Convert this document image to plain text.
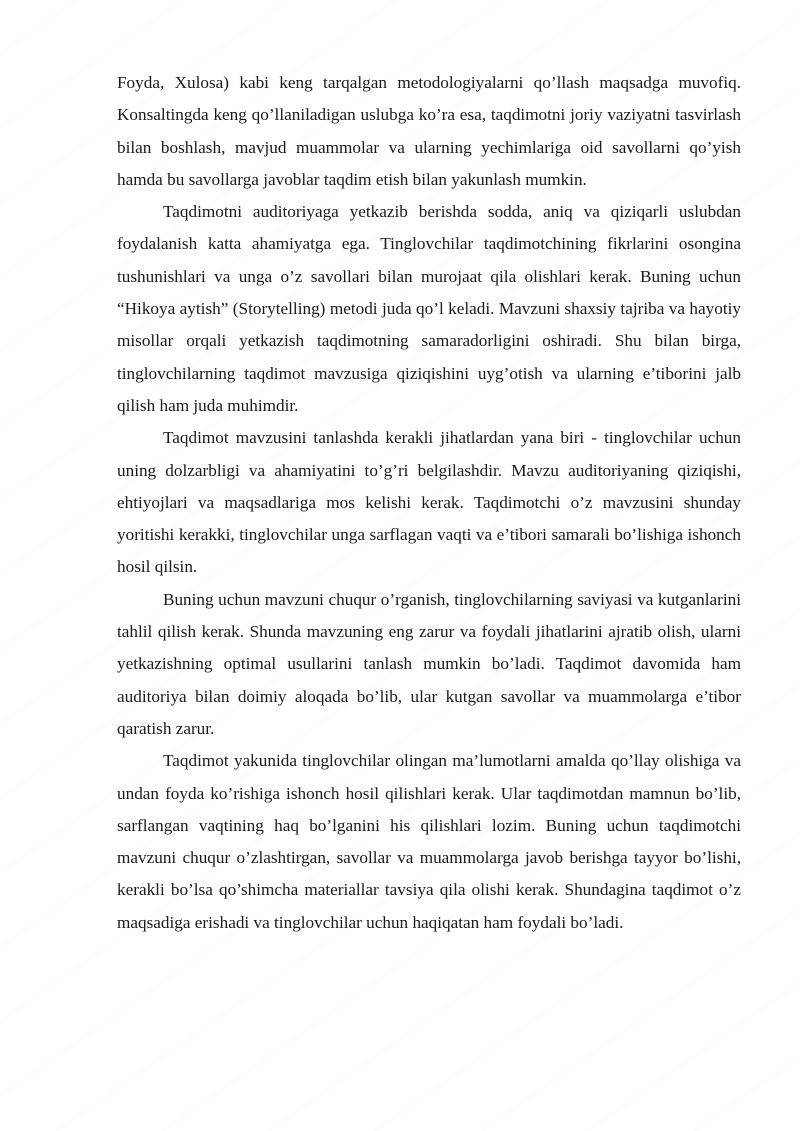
Foyda, Xulosa) kabi keng tarqalgan metodologiyalarni qo’llash maqsadga muvofiq. Konsaltingda keng qo’llaniladigan uslubga ko’ra esa, taqdimotni joriy vaziyatni tasvirlash bilan boshlash, mavjud muammolar va ularning yechimlariga oid savollarni qo’yish hamda bu savollarga javoblar taqdim etish bilan yakunlash mumkin.

Taqdimotni auditoriyaga yetkazib berishda sodda, aniq va qiziqarli uslubdan foydalanish katta ahamiyatga ega. Tinglovchilar taqdimotchining fikrlarini osongina tushunishlari va unga o’z savollari bilan murojaat qila olishlari kerak. Buning uchun “Hikoya aytish” (Storytelling) metodi juda qo’l keladi. Mavzuni shaxsiy tajriba va hayotiy misollar orqali yetkazish taqdimotning samaradorligini oshiradi. Shu bilan birga, tinglovchilarning taqdimot mavzusiga qiziqishini uyg’otish va ularning e’tiborini jalb qilish ham juda muhimdir.

Taqdimot mavzusini tanlashda kerakli jihatlardan yana biri - tinglovchilar uchun uning dolzarbligi va ahamiyatini to’g’ri belgilashdir. Mavzu auditoriyaning qiziqishi, ehtiyojlari va maqsadlariga mos kelishi kerak. Taqdimotchi o’z mavzusini shunday yoritishi kerakki, tinglovchilar unga sarflagan vaqti va e’tibori samarali bo’lishiga ishonch hosil qilsin.

Buning uchun mavzuni chuqur o’rganish, tinglovchilarning saviyasi va kutganlarini tahlil qilish kerak. Shunda mavzuning eng zarur va foydali jihatlarini ajratib olish, ularni yetkazishning optimal usullarini tanlash mumkin bo’ladi. Taqdimot davomida ham auditoriya bilan doimiy aloqada bo’lib, ular kutgan savollar va muammolarga e’tibor qaratish zarur.

Taqdimot yakunida tinglovchilar olingan ma’lumotlarni amalda qo’llay olishiga va undan foyda ko’rishiga ishonch hosil qilishlari kerak. Ular taqdimotdan mamnun bo’lib, sarflangan vaqtining haq bo’lganini his qilishlari lozim. Buning uchun taqdimotchi mavzuni chuqur o’zlashtirgan, savollar va muammolarga javob berishga tayyor bo’lishi, kerakli bo’lsa qo’shimcha materiallar tavsiya qila olishi kerak. Shundagina taqdimot o’z maqsadiga erishadi va tinglovchilar uchun haqiqatan ham foydali bo’ladi.
